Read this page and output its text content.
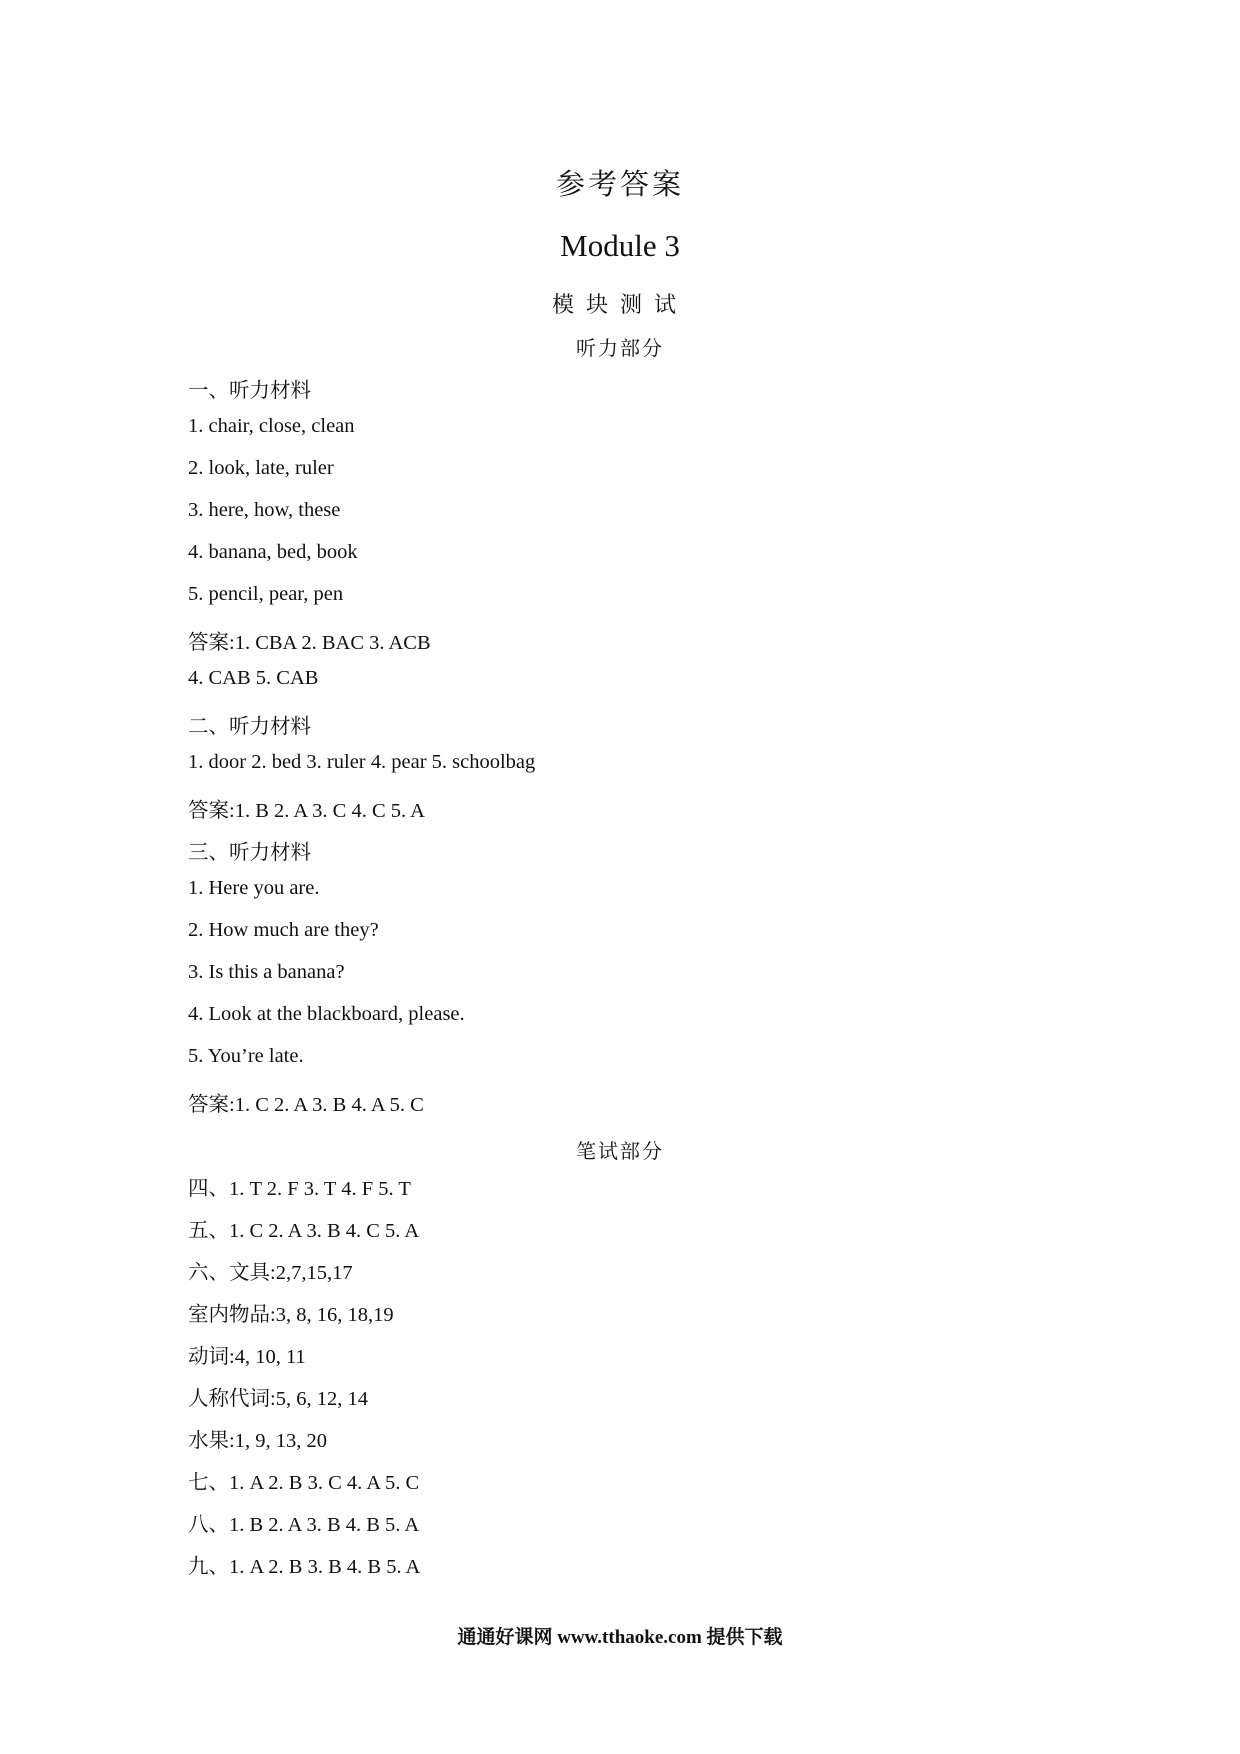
参考答案
Module 3
模块测试
听力部分
一、听力材料
1. chair, close, clean
2. look, late, ruler
3. here, how, these
4. banana, bed, book
5. pencil, pear, pen
答案:1. CBA 2. BAC 3. ACB
4. CAB 5. CAB
二、听力材料
1. door 2. bed 3. ruler 4. pear 5. schoolbag
答案:1. B 2. A 3. C 4. C 5. A
三、听力材料
1. Here you are.
2. How much are they?
3. Is this a banana?
4. Look at the blackboard, please.
5. You’re late.
答案:1. C 2. A 3. B 4. A 5. C
笔试部分
四、1. T 2. F 3. T 4. F 5. T
五、1. C 2. A 3. B 4. C 5. A
六、文具:2,7,15,17
室内物品:3, 8, 16, 18,19
动词:4, 10, 11
人称代词:5, 6, 12, 14
水果:1, 9, 13, 20
七、1. A 2. B 3. C 4. A 5. C
八、1. B 2. A 3. B 4. B 5. A
九、1. A 2. B 3. B 4. B 5. A
通通好课网 www.tthaoke.com 提供下载
